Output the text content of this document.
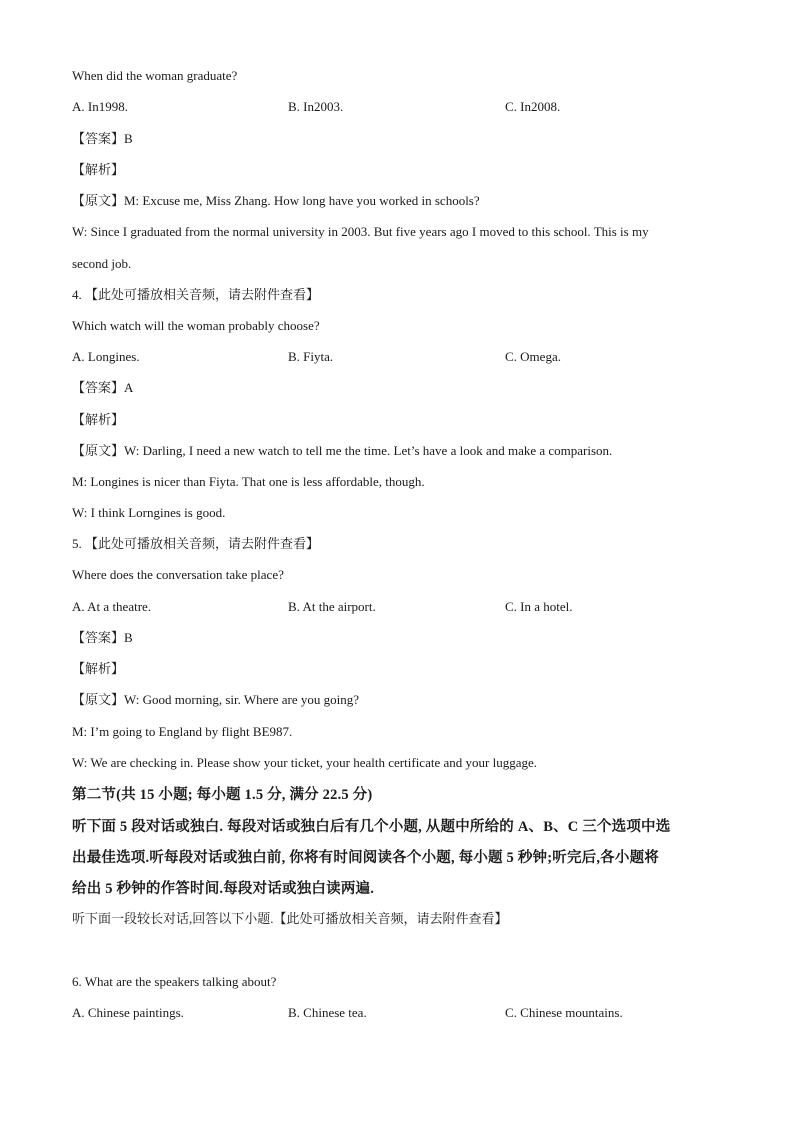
When did the woman graduate?

A. In1998.	B. In2003.	C. In2008.

【答案】B

【解析】

【原文】M: Excuse me, Miss Zhang. How long have you worked in schools?

W: Since I graduated from the normal university in 2003. But five years ago I moved to this school. This is my

second job.

4. 【此处可播放相关音频，请去附件查看】

Which watch will the woman probably choose?

A. Longines.	B. Fiyta.	C. Omega.

【答案】A

【解析】

【原文】W: Darling, I need a new watch to tell me the time. Let’s have a look and make a comparison.

M: Longines is nicer than Fiyta. That one is less affordable, though.

W: I think Lorngines is good.

5. 【此处可播放相关音频，请去附件查看】

Where does the conversation take place?

A. At a theatre.	B. At the airport.	C. In a hotel.

【答案】B

【解析】

【原文】W: Good morning, sir. Where are you going?

M: I’m going to England by flight BE987.

W: We are checking in. Please show your ticket, your health certificate and your luggage.

第二节(共 15 小题; 每小题 1.5 分, 满分 22.5 分)

听下面 5 段对话或独白. 每段对话或独白后有几个小题, 从题中所给的 A、B、C 三个选项中选

出最佳选项.听每段对话或独白前, 你将有时间阅读各个小题, 每小题 5 秒钟;听完后,各小题将

给出 5 秒钟的作答时间.每段对话或独白读两遍.

听下面一段较长对话,回答以下小题.【此处可播放相关音频，请去附件查看】

6. What are the speakers talking about?

A. Chinese paintings.	B. Chinese tea.	C. Chinese mountains.
